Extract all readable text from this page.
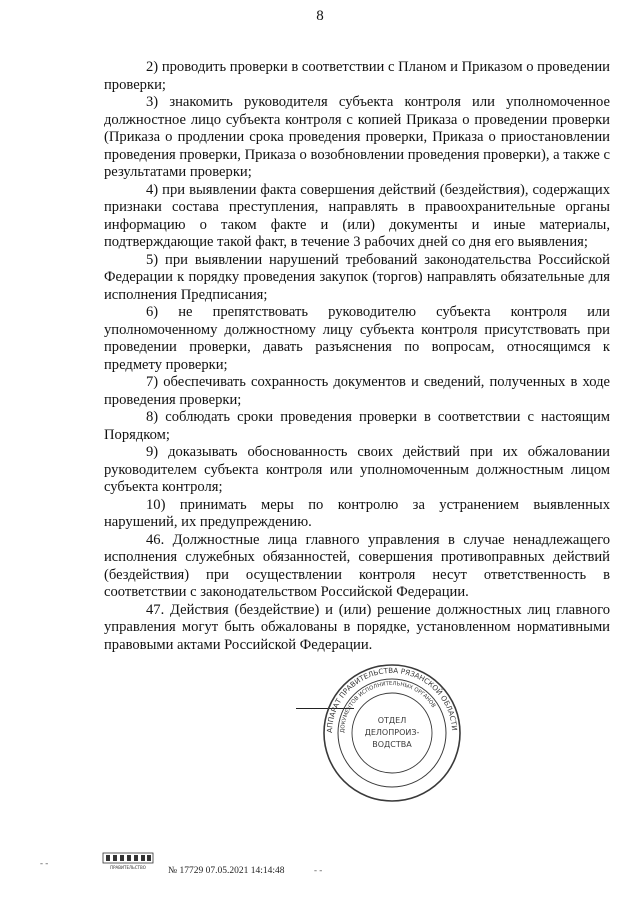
8

2) проводить проверки в соответствии с Планом и Приказом о проведении проверки;

3) знакомить руководителя субъекта контроля или уполномоченное должностное лицо субъекта контроля с копией Приказа о проведении проверки (Приказа о продлении срока проведения проверки, Приказа о приостановлении проведения проверки, Приказа о возобновлении проведения проверки), а также с результатами проверки;

4) при выявлении факта совершения действий (бездействия), содержащих признаки состава преступления, направлять в правоохранительные органы информацию о таком факте и (или) документы и иные материалы, подтверждающие такой факт, в течение 3 рабочих дней со дня его выявления;

5) при выявлении нарушений требований законодательства Российской Федерации к порядку проведения закупок (торгов) направлять обязательные для исполнения Предписания;

6) не препятствовать руководителю субъекта контроля или уполномоченному должностному лицу субъекта контроля присутствовать при проведении проверки, давать разъяснения по вопросам, относящимся к предмету проверки;

7) обеспечивать сохранность документов и сведений, полученных в ходе проведения проверки;

8) соблюдать сроки проведения проверки в соответствии с настоящим Порядком;

9) доказывать обоснованность своих действий при их обжаловании руководителем субъекта контроля или уполномоченным должностным лицом субъекта контроля;

10) принимать меры по контролю за устранением выявленных нарушений, их предупреждению.

46. Должностные лица главного управления в случае ненадлежащего исполнения служебных обязанностей, совершения противоправных действий (бездействия) при осуществлении контроля несут ответственность в соответствии с законодательством Российской Федерации.

47. Действия (бездействие) и (или) решение должностных лиц главного управления могут быть обжалованы в порядке, установленном нормативными правовыми актами Российской Федерации.

АППАРАТ ПРАВИТЕЛЬСТВА РЯЗАНСКОЙ ОБЛАСТИ
ДОКУМЕНТОВ ИСПОЛНИТЕЛЬНЫХ ОРГАНОВ
ОТДЕЛ
ДЕЛОПРОИЗ-
ВОДСТВА
ПРАВИТЕЛЬСТВО
- -
№ 17729 07.05.2021 14:14:48	- -
